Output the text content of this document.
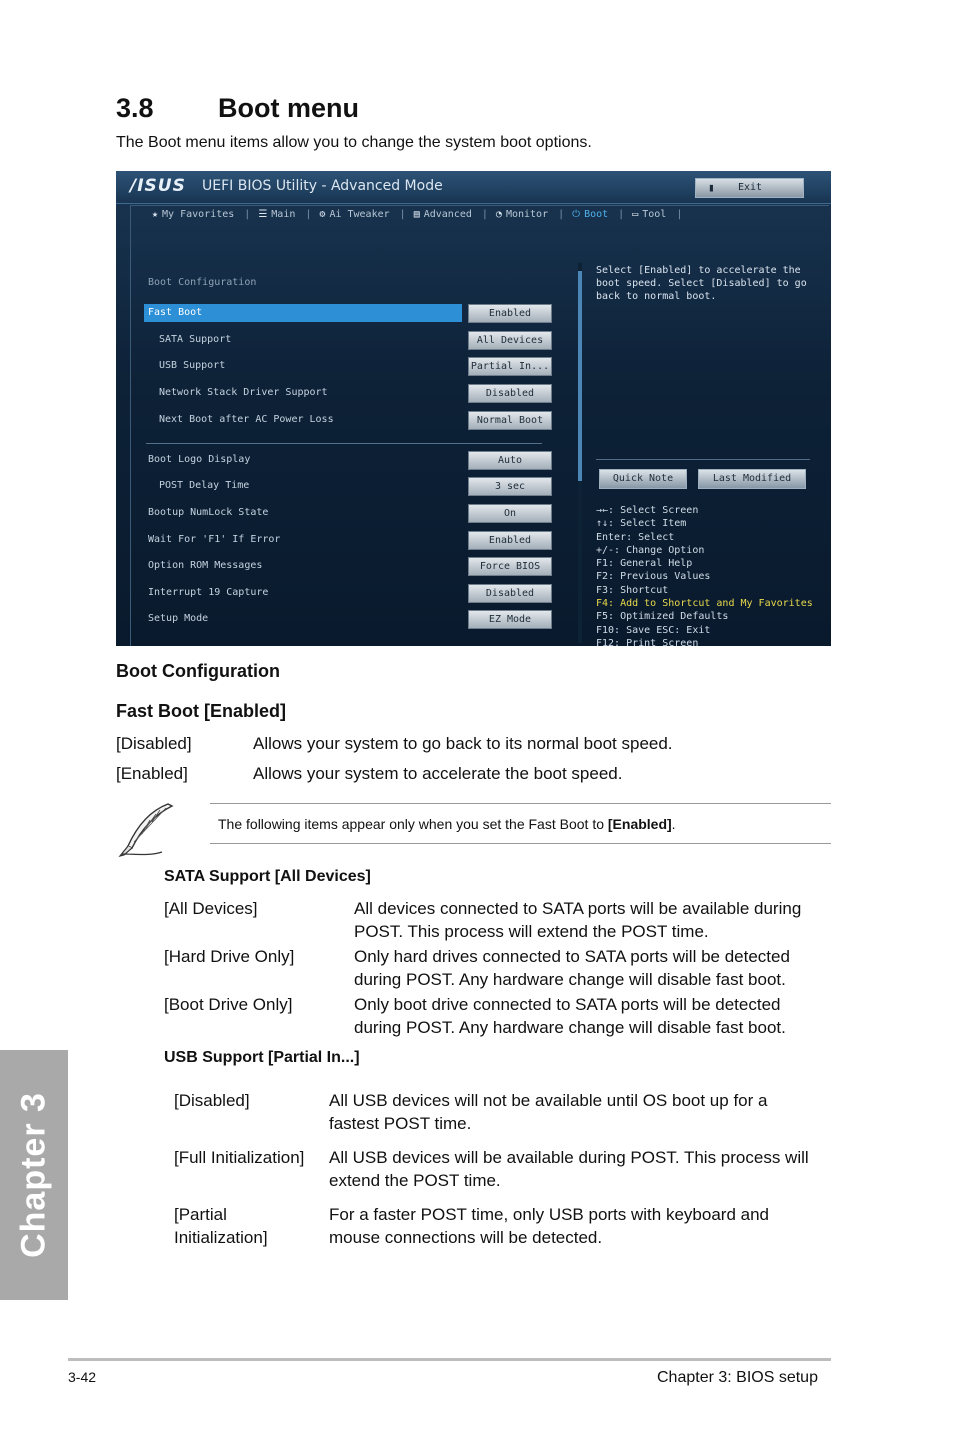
3.8 Boot menu
The Boot menu items allow you to change the system boot options.
/ISUS UEFI BIOS Utility - Advanced Mode	▮ Exit
★ My Favorites | ☰ Main | ⚙ Ai Tweaker | ▤ Advanced | ◔ Monitor | ⏻ Boot | ▭ Tool |
Boot Configuration
Fast Boot	Enabled
SATA Support	All Devices
USB Support	Partial In...
Network Stack Driver Support	Disabled
Next Boot after AC Power Loss	Normal Boot
Boot Logo Display	Auto
POST Delay Time	3 sec
Bootup NumLock State	On
Wait For 'F1' If Error	Enabled
Option ROM Messages	Force BIOS
Interrupt 19 Capture	Disabled
Setup Mode	EZ Mode
Select [Enabled] to accelerate the boot speed. Select [Disabled] to go back to normal boot.
Quick Note	Last Modified
→←: Select Screen
↑↓: Select Item
Enter: Select
+/-: Change Option
F1: General Help
F2: Previous Values
F3: Shortcut
F4: Add to Shortcut and My Favorites
F5: Optimized Defaults
F10: Save ESC: Exit
F12: Print Screen
Boot Configuration
Fast Boot [Enabled]
[Disabled]	Allows your system to go back to its normal boot speed.
[Enabled]	Allows your system to accelerate the boot speed.
The following items appear only when you set the Fast Boot to [Enabled].
SATA Support [All Devices]
[All Devices]	All devices connected to SATA ports will be available during
POST. This process will extend the POST time.
[Hard Drive Only]	Only hard drives connected to SATA ports will be detected
during POST. Any hardware change will disable fast boot.
[Boot Drive Only]	Only boot drive connected to SATA ports will be detected
during POST. Any hardware change will disable fast boot.
USB Support [Partial In...]
[Disabled]	All USB devices will not be available until OS boot up for a
fastest POST time.
[Full Initialization] All USB devices will be available during POST. This process will
extend the POST time.
[Partial
Initialization]
For a faster POST time, only USB ports with keyboard and
mouse connections will be detected.
Chapter 3
3-42	Chapter 3: BIOS setup
